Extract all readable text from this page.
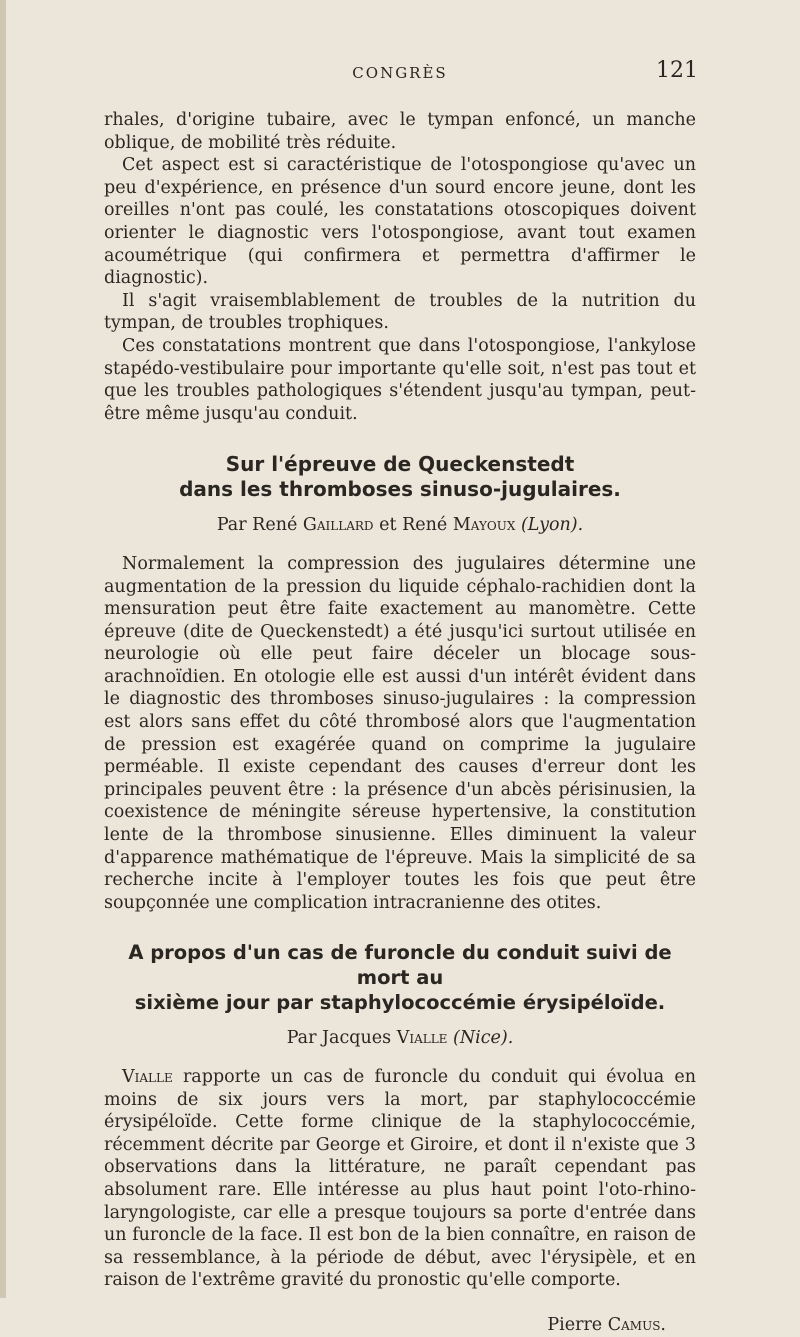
CONGRÈS	121

rhales, d'origine tubaire, avec le tympan enfoncé, un manche oblique, de mobilité très réduite.

Cet aspect est si caractéristique de l'otospongiose qu'avec un peu d'expérience, en présence d'un sourd encore jeune, dont les oreilles n'ont pas coulé, les constatations otoscopiques doivent orienter le diagnostic vers l'otospongiose, avant tout examen acoumétrique (qui confirmera et permettra d'affirmer le diagnostic).

Il s'agit vraisemblablement de troubles de la nutrition du tympan, de troubles trophiques.

Ces constatations montrent que dans l'otospongiose, l'ankylose stapédo-vestibulaire pour importante qu'elle soit, n'est pas tout et que les troubles pathologiques s'étendent jusqu'au tympan, peut-être même jusqu'au conduit.

Sur l'épreuve de Queckenstedt
dans les thromboses sinuso-jugulaires.
Par René Gaillard et René Mayoux (Lyon).

Normalement la compression des jugulaires détermine une augmentation de la pression du liquide céphalo-rachidien dont la mensuration peut être faite exactement au manomètre. Cette épreuve (dite de Queckenstedt) a été jusqu'ici surtout utilisée en neurologie où elle peut faire déceler un blocage sous-arachnoïdien. En otologie elle est aussi d'un intérêt évident dans le diagnostic des thromboses sinuso-jugulaires : la compression est alors sans effet du côté thrombosé alors que l'augmentation de pression est exagérée quand on comprime la jugulaire perméable. Il existe cependant des causes d'erreur dont les principales peuvent être : la présence d'un abcès périsinusien, la coexistence de méningite séreuse hypertensive, la constitution lente de la thrombose sinusienne. Elles diminuent la valeur d'apparence mathématique de l'épreuve. Mais la simplicité de sa recherche incite à l'employer toutes les fois que peut être soupçonnée une complication intracranienne des otites.

A propos d'un cas de furoncle du conduit suivi de mort au
sixième jour par staphylococcémie érysipéloïde.
Par Jacques Vialle (Nice).

Vialle rapporte un cas de furoncle du conduit qui évolua en moins de six jours vers la mort, par staphylococcémie érysipéloïde. Cette forme clinique de la staphylococcémie, récemment décrite par George et Giroire, et dont il n'existe que 3 observations dans la littérature, ne paraît cependant pas absolument rare. Elle intéresse au plus haut point l'oto-rhino-laryngologiste, car elle a presque toujours sa porte d'entrée dans un furoncle de la face. Il est bon de la bien connaître, en raison de sa ressemblance, à la période de début, avec l'érysipèle, et en raison de l'extrême gravité du pronostic qu'elle comporte.

Pierre Camus.
